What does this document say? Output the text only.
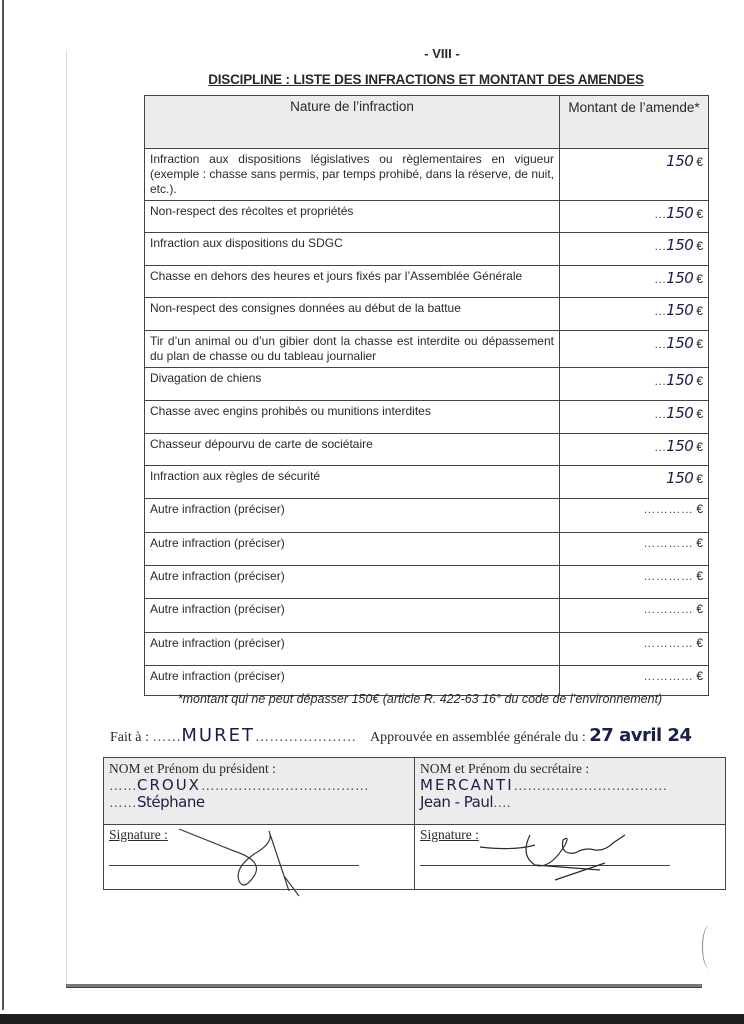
- VIII -
DISCIPLINE : LISTE DES INFRACTIONS ET MONTANT DES AMENDES
Nature de l’infraction	Montant de l’amende*
Infraction aux dispositions législatives ou règlementaires en vigueur (exemple : chasse sans permis, par temps prohibé, dans la réserve, de nuit, etc.).	150 €
Non-respect des récoltes et propriétés	...150 €
Infraction aux dispositions du SDGC	...150 €
Chasse en dehors des heures et jours fixés par l’Assemblée Générale	...150 €
Non-respect des consignes données au début de la battue	...150 €
Tir d’un animal ou d’un gibier dont la chasse est interdite ou dépassement du plan de chasse ou du tableau journalier	...150 €
Divagation de chiens	...150 €
Chasse avec engins prohibés ou munitions interdites	...150 €
Chasseur dépourvu de carte de sociétaire	...150 €
Infraction aux règles de sécurité	150 €
Autre infraction (préciser)	………… €
Autre infraction (préciser)	………… €
Autre infraction (préciser)	………… €
Autre infraction (préciser)	………… €
Autre infraction (préciser)	………… €
Autre infraction (préciser)	………… €
*montant qui ne peut dépasser 150€ (article R. 422-63 16° du code de l’environnement)
Fait à : ……MURET………………… Approuvée en assemblée générale du : 27 avril 24
NOM et Prénom du président :
……CROUX………………………………
……Stéphane

NOM et Prénom du secrétaire :
MERCANTI……………………………
Jean - Paul….

Signature :	Signature :
